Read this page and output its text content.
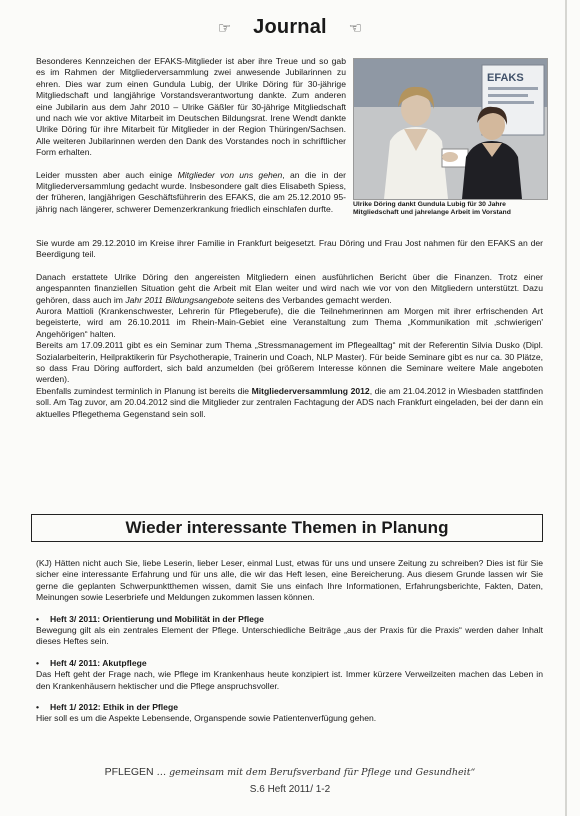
☞ Journal ☜

Besonderes Kennzeichen der EFAKS-Mitglieder ist aber ihre Treue und so gab es im Rahmen der Mitgliederversammlung zwei anwesende Jubilarinnen zu ehren. Dies war zum einen Gundula Lubig, der Ulrike Döring für 30-jährige Mitgliedschaft und langjährige Vorstandsverantwortung dankte. Zum anderen eine Jubilarin aus dem Jahr 2010 – Ulrike Gäßler für 30-jährige Mitgliedschaft und nach wie vor aktive Mitarbeit im Deutschen Bildungsrat. Irene Wendt dankte Ulrike Döring für ihre Mitarbeit für Mitglieder in der Region Thüringen/Sachsen. Alle weiteren Jubilarinnen werden den Dank des Vorstandes noch in schriftlicher Form erhalten.

Leider mussten aber auch einige Mitglieder von uns gehen, an die in der Mitgliederversammlung gedacht wurde. Insbesondere galt dies Elisabeth Spiess, der früheren, langjährigen Geschäftsführerin des EFAKS, die am 25.12.2010 95-jährig nach längerer, schwerer Demenzerkrankung friedlich einschlafen durfte.

EFAKS
Ulrike Döring dankt Gundula Lubig für 30 Jahre Mitgliedschaft und jahrelange Arbeit im Vorstand

Sie wurde am 29.12.2010 im Kreise ihrer Familie in Frankfurt beigesetzt. Frau Döring und Frau Jost nahmen für den EFAKS an der Beerdigung teil.

Danach erstattete Ulrike Döring den angereisten Mitgliedern einen ausführlichen Bericht über die Finanzen. Trotz einer angespannten finanziellen Situation geht die Arbeit mit Elan weiter und wird nach wie vor von den Mitgliedern unterstützt. Dazu gehören, dass auch im Jahr 2011 Bildungsangebote seitens des Verbandes gemacht werden.

Aurora Mattioli (Krankenschwester, Lehrerin für Pflegeberufe), die die Teilnehmerinnen am Morgen mit ihrer erfrischenden Art begeisterte, wird am 26.10.2011 im Rhein-Main-Gebiet eine Veranstaltung zum Thema „Kommunikation mit ‚schwierigen' Angehörigen“ halten.

Bereits am 17.09.2011 gibt es ein Seminar zum Thema „Stressmanagement im Pflegealltag“ mit der Referentin Silvia Dusko (Dipl. Sozialarbeiterin, Heilpraktikerin für Psychotherapie, Trainerin und Coach, NLP Master). Für beide Seminare gibt es nur ca. 30 Plätze, so dass Frau Döring auffordert, sich bald anzumelden (bei größerem Interesse können die Seminare weitere Male angeboten werden).

Ebenfalls zumindest terminlich in Planung ist bereits die Mitgliederversammlung 2012, die am 21.04.2012 in Wiesbaden stattfinden soll. Am Tag zuvor, am 20.04.2012 sind die Mitglieder zur zentralen Fachtagung der ADS nach Frankfurt eingeladen, bei der dann ein aktuelles Pflegethema Gegenstand sein soll.

Wieder interessante Themen in Planung

(KJ) Hätten nicht auch Sie, liebe Leserin, lieber Leser, einmal Lust, etwas für uns und unsere Zeitung zu schreiben? Dies ist für Sie sicher eine interessante Erfahrung und für uns alle, die wir das Heft lesen, eine Bereicherung. Aus diesem Grunde lassen wir Sie gerne die geplanten Schwerpunktthemen wissen, damit Sie uns einfach Ihre Informationen, Erfahrungsberichte, Fakten, Daten, Meinungen sowie Leserbriefe und Meldungen zukommen lassen können.

• Heft 3/ 2011: Orientierung und Mobilität in der Pflege

Bewegung gilt als ein zentrales Element der Pflege. Unterschiedliche Beiträge „aus der Praxis für die Praxis“ werden daher Inhalt dieses Heftes sein.

• Heft 4/ 2011: Akutpflege

Das Heft geht der Frage nach, wie Pflege im Krankenhaus heute konzipiert ist. Immer kürzere Verweilzeiten machen das Leben in den Krankenhäusern hektischer und die Pflege anspruchsvoller.

• Heft 1/ 2012: Ethik in der Pflege

Hier soll es um die Aspekte Lebensende, Organspende sowie Patientenverfügung gehen.

PFLEGEN … gemeinsam mit dem Berufsverband für Pflege und Gesundheit“
S.6 Heft 2011/ 1-2
